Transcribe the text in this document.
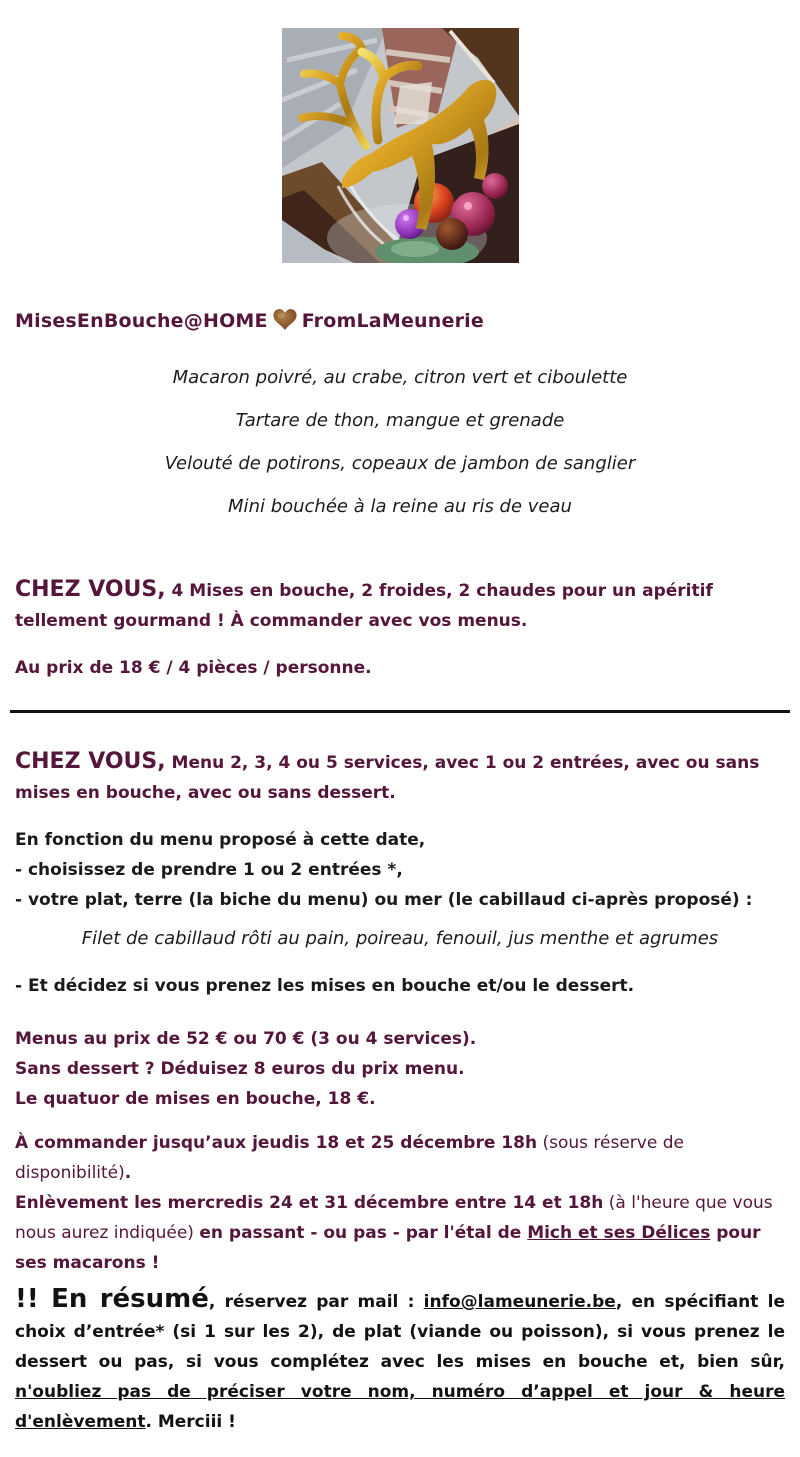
MisesEnBouche@HOME FromLaMeunerie
Macaron poivré, au crabe, citron vert et ciboulette
Tartare de thon, mangue et grenade
Velouté de potirons, copeaux de jambon de sanglier
Mini bouchée à la reine au ris de veau

CHEZ VOUS, 4 Mises en bouche, 2 froides, 2 chaudes pour un apéritif tellement gourmand ! À commander avec vos menus.

Au prix de 18 € / 4 pièces / personne.

CHEZ VOUS, Menu 2, 3, 4 ou 5 services, avec 1 ou 2 entrées, avec ou sans mises en bouche, avec ou sans dessert.

En fonction du menu proposé à cette date,
- choisissez de prendre 1 ou 2 entrées *,
- votre plat, terre (la biche du menu) ou mer (le cabillaud ci-après proposé) :
Filet de cabillaud rôti au pain, poireau, fenouil, jus menthe et agrumes

- Et décidez si vous prenez les mises en bouche et/ou le dessert.

Menus au prix de 52 € ou 70 € (3 ou 4 services).
Sans dessert ? Déduisez 8 euros du prix menu.
Le quatuor de mises en bouche, 18 €.

À commander jusqu’aux jeudis 18 et 25 décembre 18h (sous réserve de disponibilité).

Enlèvement les mercredis 24 et 31 décembre entre 14 et 18h (à l'heure que vous nous aurez indiquée) en passant - ou pas - par l'étal de Mich et ses Délices pour ses macarons !

!! En résumé, réservez par mail : info@lameunerie.be, en spécifiant le choix d’entrée* (si 1 sur les 2), de plat (viande ou poisson), si vous prenez le dessert ou pas, si vous complétez avec les mises en bouche et, bien sûr, n'oubliez pas de préciser votre nom, numéro d’appel et jour & heure d'enlèvement. Merciii !
